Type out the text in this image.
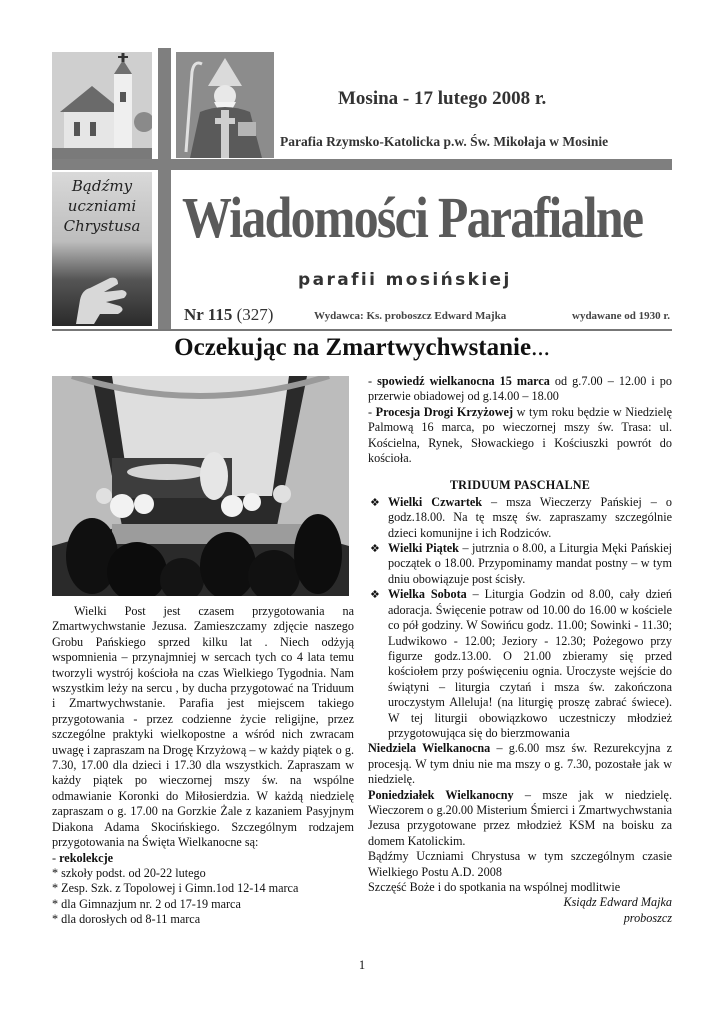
Bądźmy
uczniami
Chrystusa
Mosina - 17 lutego 2008 r.
Parafia Rzymsko-Katolicka p.w. Św. Mikołaja w Mosinie
Wiadomości Parafialne
parafii mosińskiej
Nr 115 (327)	Wydawca: Ks. proboszcz Edward Majka	wydawane od 1930 r.
Oczekując na Zmartwychwstanie...

Wielki Post jest czasem przygotowania na Zmartwychwstanie Jezusa. Zamieszczamy zdjęcie naszego Grobu Pańskiego sprzed kilku lat . Niech odżyją wspomnienia – przynajmniej w sercach tych co 4 lata temu tworzyli wystrój kościoła na czas Wielkiego Tygodnia. Nam wszystkim leży na sercu , by ducha przygotować na Triduum i Zmartwychwstanie. Parafia jest miejscem takiego przygotowania - przez codzienne życie religijne, przez szczególne praktyki wielkopostne a wśród nich zwracam uwagę i zapraszam na Drogę Krzyżową – w każdy piątek o g. 7.30, 17.00 dla dzieci i 17.30 dla wszystkich. Zapraszam w każdy piątek po wieczornej mszy św. na wspólne odmawianie Koronki do Miłosierdzia. W każdą niedzielę zapraszam o g. 17.00 na Gorzkie Żale z kazaniem Pasyjnym Diakona Adama Skocińskiego. Szczególnym rodzajem przygotowania na Święta Wielkanocne są:

- rekolekcje

* szkoły podst. od 20-22 lutego

* Zesp. Szk. z Topolowej i Gimn.1od 12-14 marca

* dla Gimnazjum nr. 2 od 17-19 marca

* dla dorosłych od 8-11 marca

- spowiedź wielkanocna 15 marca od g.7.00 – 12.00 i po przerwie obiadowej od g.14.00 – 18.00

- Procesja Drogi Krzyżowej w tym roku będzie w Niedzielę Palmową 16 marca, po wieczornej mszy św. Trasa: ul. Kościelna, Rynek, Słowackiego i Kościuszki powrót do kościoła.

TRIDUUM PASCHALNE

❖ Wielki Czwartek – msza Wieczerzy Pańskiej – o godz.18.00. Na tę mszę św. zapraszamy szczególnie dzieci komunijne i ich Rodziców.

❖ Wielki Piątek – jutrznia o 8.00, a Liturgia Męki Pańskiej początek o 18.00. Przypominamy mandat postny – w tym dniu obowiązuje post ścisły.

❖ Wielka Sobota – Liturgia Godzin od 8.00, cały dzień adoracja. Święcenie potraw od 10.00 do 16.00 w kościele co pół godziny. W Sowińcu godz. 11.00; Sowinki - 11.30; Ludwikowo - 12.00; Jeziory - 12.30; Pożegowo przy figurze godz.13.00. O 21.00 zbieramy się przed kościołem przy poświęceniu ognia. Uroczyste wejście do świątyni – liturgia czytań i msza św. zakończona uroczystym Alleluja! (na liturgię proszę zabrać świece). W tej liturgii obowiązkowo uczestniczy młodzież przygotowująca się do bierzmowania

Niedziela Wielkanocna – g.6.00 msz św. Rezurekcyjna z procesją. W tym dniu nie ma mszy o g. 7.30, pozostałe jak w niedzielę.

Poniedziałek Wielkanocny – msze jak w niedzielę. Wieczorem o g.20.00 Misterium Śmierci i Zmartwychwstania Jezusa przygotowane przez młodzież KSM na boisku za domem Katolickim.

Bądźmy Uczniami Chrystusa w tym szczególnym czasie Wielkiego Postu A.D. 2008

Szczęść Boże i do spotkania na wspólnej modlitwie

Ksiądz Edward Majka

proboszcz

1
